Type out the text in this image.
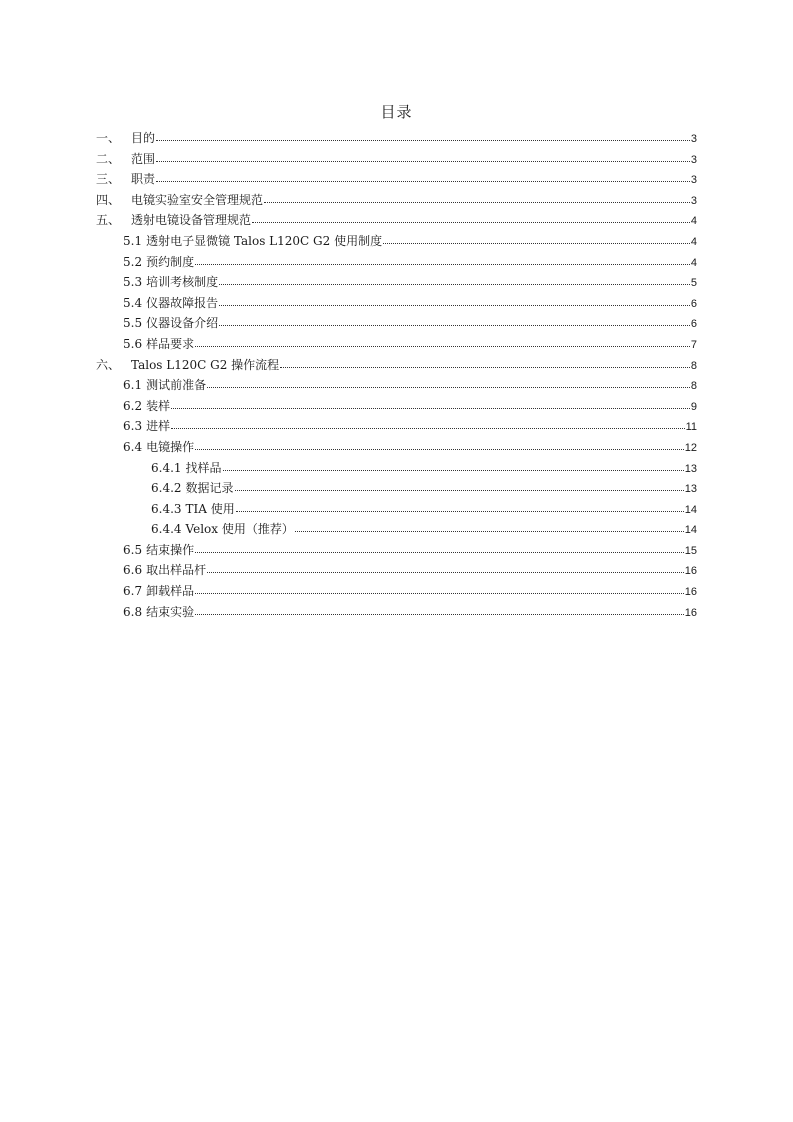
目录
一、 目的	3
二、 范围	3
三、 职责	3
四、 电镜实验室安全管理规范	3
五、 透射电镜设备管理规范	4
5.1 透射电子显微镜 Talos L120C G2 使用制度	4
5.2 预约制度	4
5.3 培训考核制度	5
5.4 仪器故障报告	6
5.5 仪器设备介绍	6
5.6 样品要求	7
六、 Talos L120C G2 操作流程	8
6.1 测试前准备	8
6.2 装样	9
6.3 进样	11
6.4 电镜操作	12
6.4.1 找样品	13
6.4.2 数据记录	13
6.4.3 TIA 使用	14
6.4.4 Velox 使用（推荐）	14
6.5 结束操作	15
6.6 取出样品杆	16
6.7 卸载样品	16
6.8 结束实验	16
